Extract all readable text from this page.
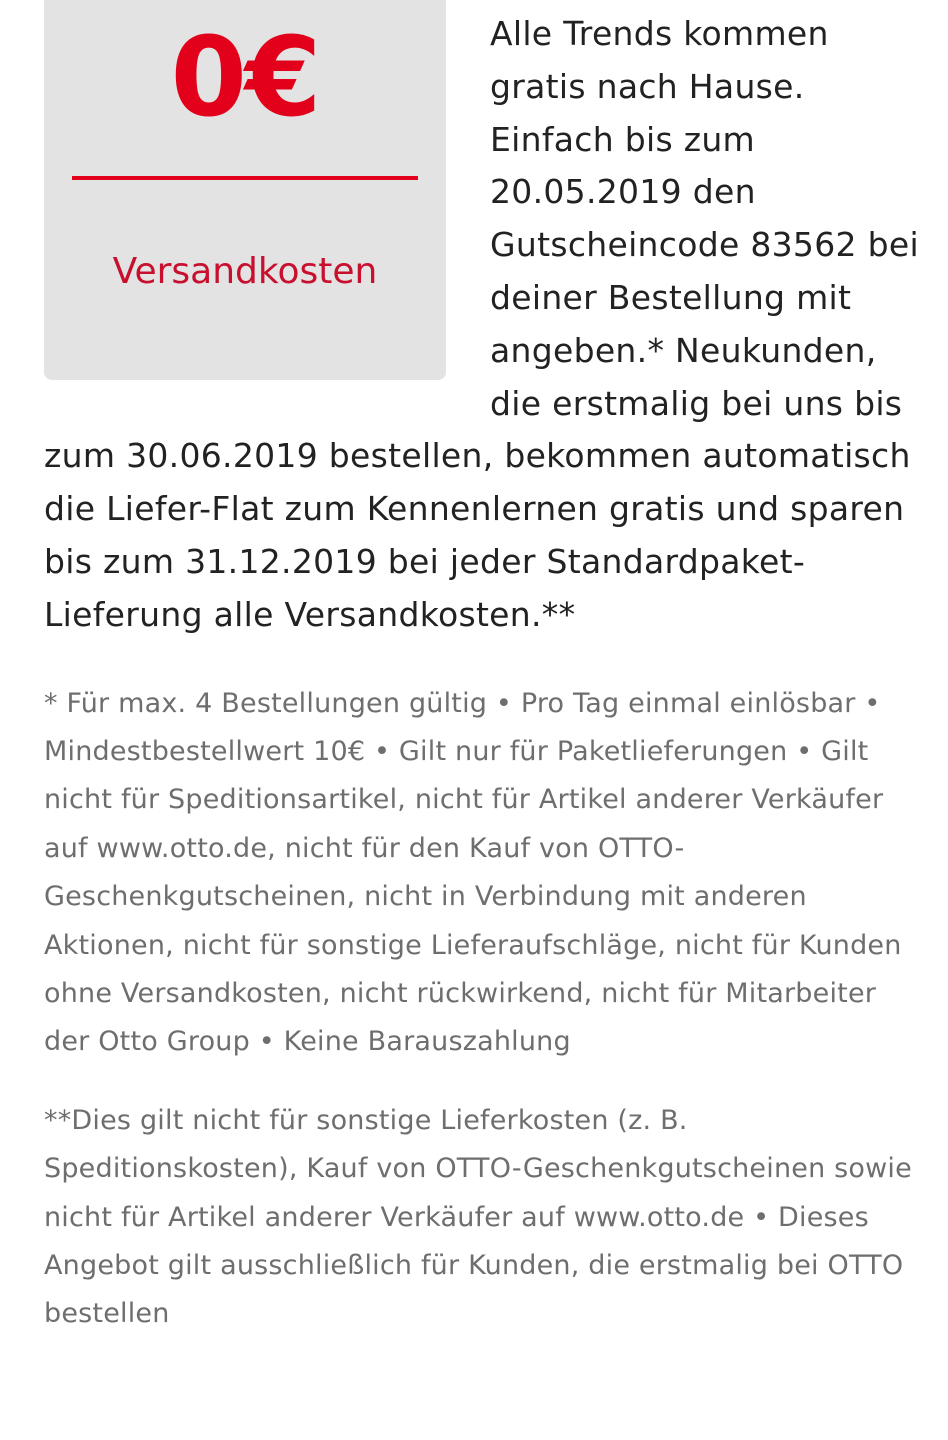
0€
Versandkosten

Alle Trends kommen gratis nach Hause. Einfach bis zum 20.05.2019 den Gutscheincode 83562 bei deiner Bestellung mit angeben.* Neukunden, die erstmalig bei uns bis zum 30.06.2019 bestellen, bekommen automatisch die Liefer-Flat zum Kennenlernen gratis und sparen bis zum 31.12.2019 bei jeder Standardpaket-Lieferung alle Versandkosten.**

* Für max. 4 Bestellungen gültig • Pro Tag einmal einlösbar • Mindestbestellwert 10€ • Gilt nur für Paketlieferungen • Gilt nicht für Speditionsartikel, nicht für Artikel anderer Verkäufer auf www.otto.de, nicht für den Kauf von OTTO-Geschenkgutscheinen, nicht in Verbindung mit anderen Aktionen, nicht für sonstige Lieferaufschläge, nicht für Kunden ohne Versandkosten, nicht rückwirkend, nicht für Mitarbeiter der Otto Group • Keine Barauszahlung

**Dies gilt nicht für sonstige Lieferkosten (z. B. Speditionskosten), Kauf von OTTO-Geschenkgutscheinen sowie nicht für Artikel anderer Verkäufer auf www.otto.de • Dieses Angebot gilt ausschließlich für Kunden, die erstmalig bei OTTO bestellen
